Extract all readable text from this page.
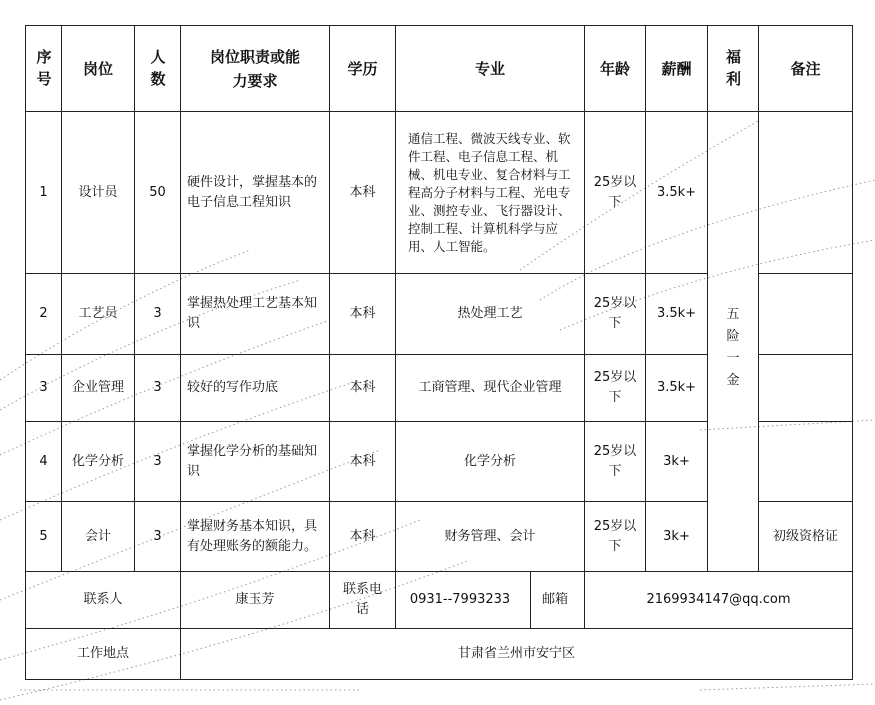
序号	岗位	人数	岗位职责或能力要求	学历	专业	年龄	薪酬	福利	备注
1	设计员	50	硬件设计，掌握基本的电子信息工程知识	本科	通信工程、微波天线专业、软件工程、电子信息工程、机械、机电专业、复合材料与工程高分子材料与工程、光电专业、测控专业、飞行器设计、控制工程、计算机科学与应用、人工智能。	25岁以下	3.5k+		
2	工艺员	3	掌握热处理工艺基本知识	本科	热处理工艺	25岁以下	3.5k+	五险一金	
3	企业管理	3	较好的写作功底	本科	工商管理、现代企业管理	25岁以下	3.5k+		
4	化学分析	3	掌握化学分析的基础知识	本科	化学分析	25岁以下	3k+		
5	会计	3	掌握财务基本知识，具有处理账务的额能力。	本科	财务管理、会计	25岁以下	3k+		初级资格证
联系人			康玉芳	联系电话	0931--7993233 邮箱	2169934147@qq.com			
工作地点			甘肃省兰州市安宁区						
